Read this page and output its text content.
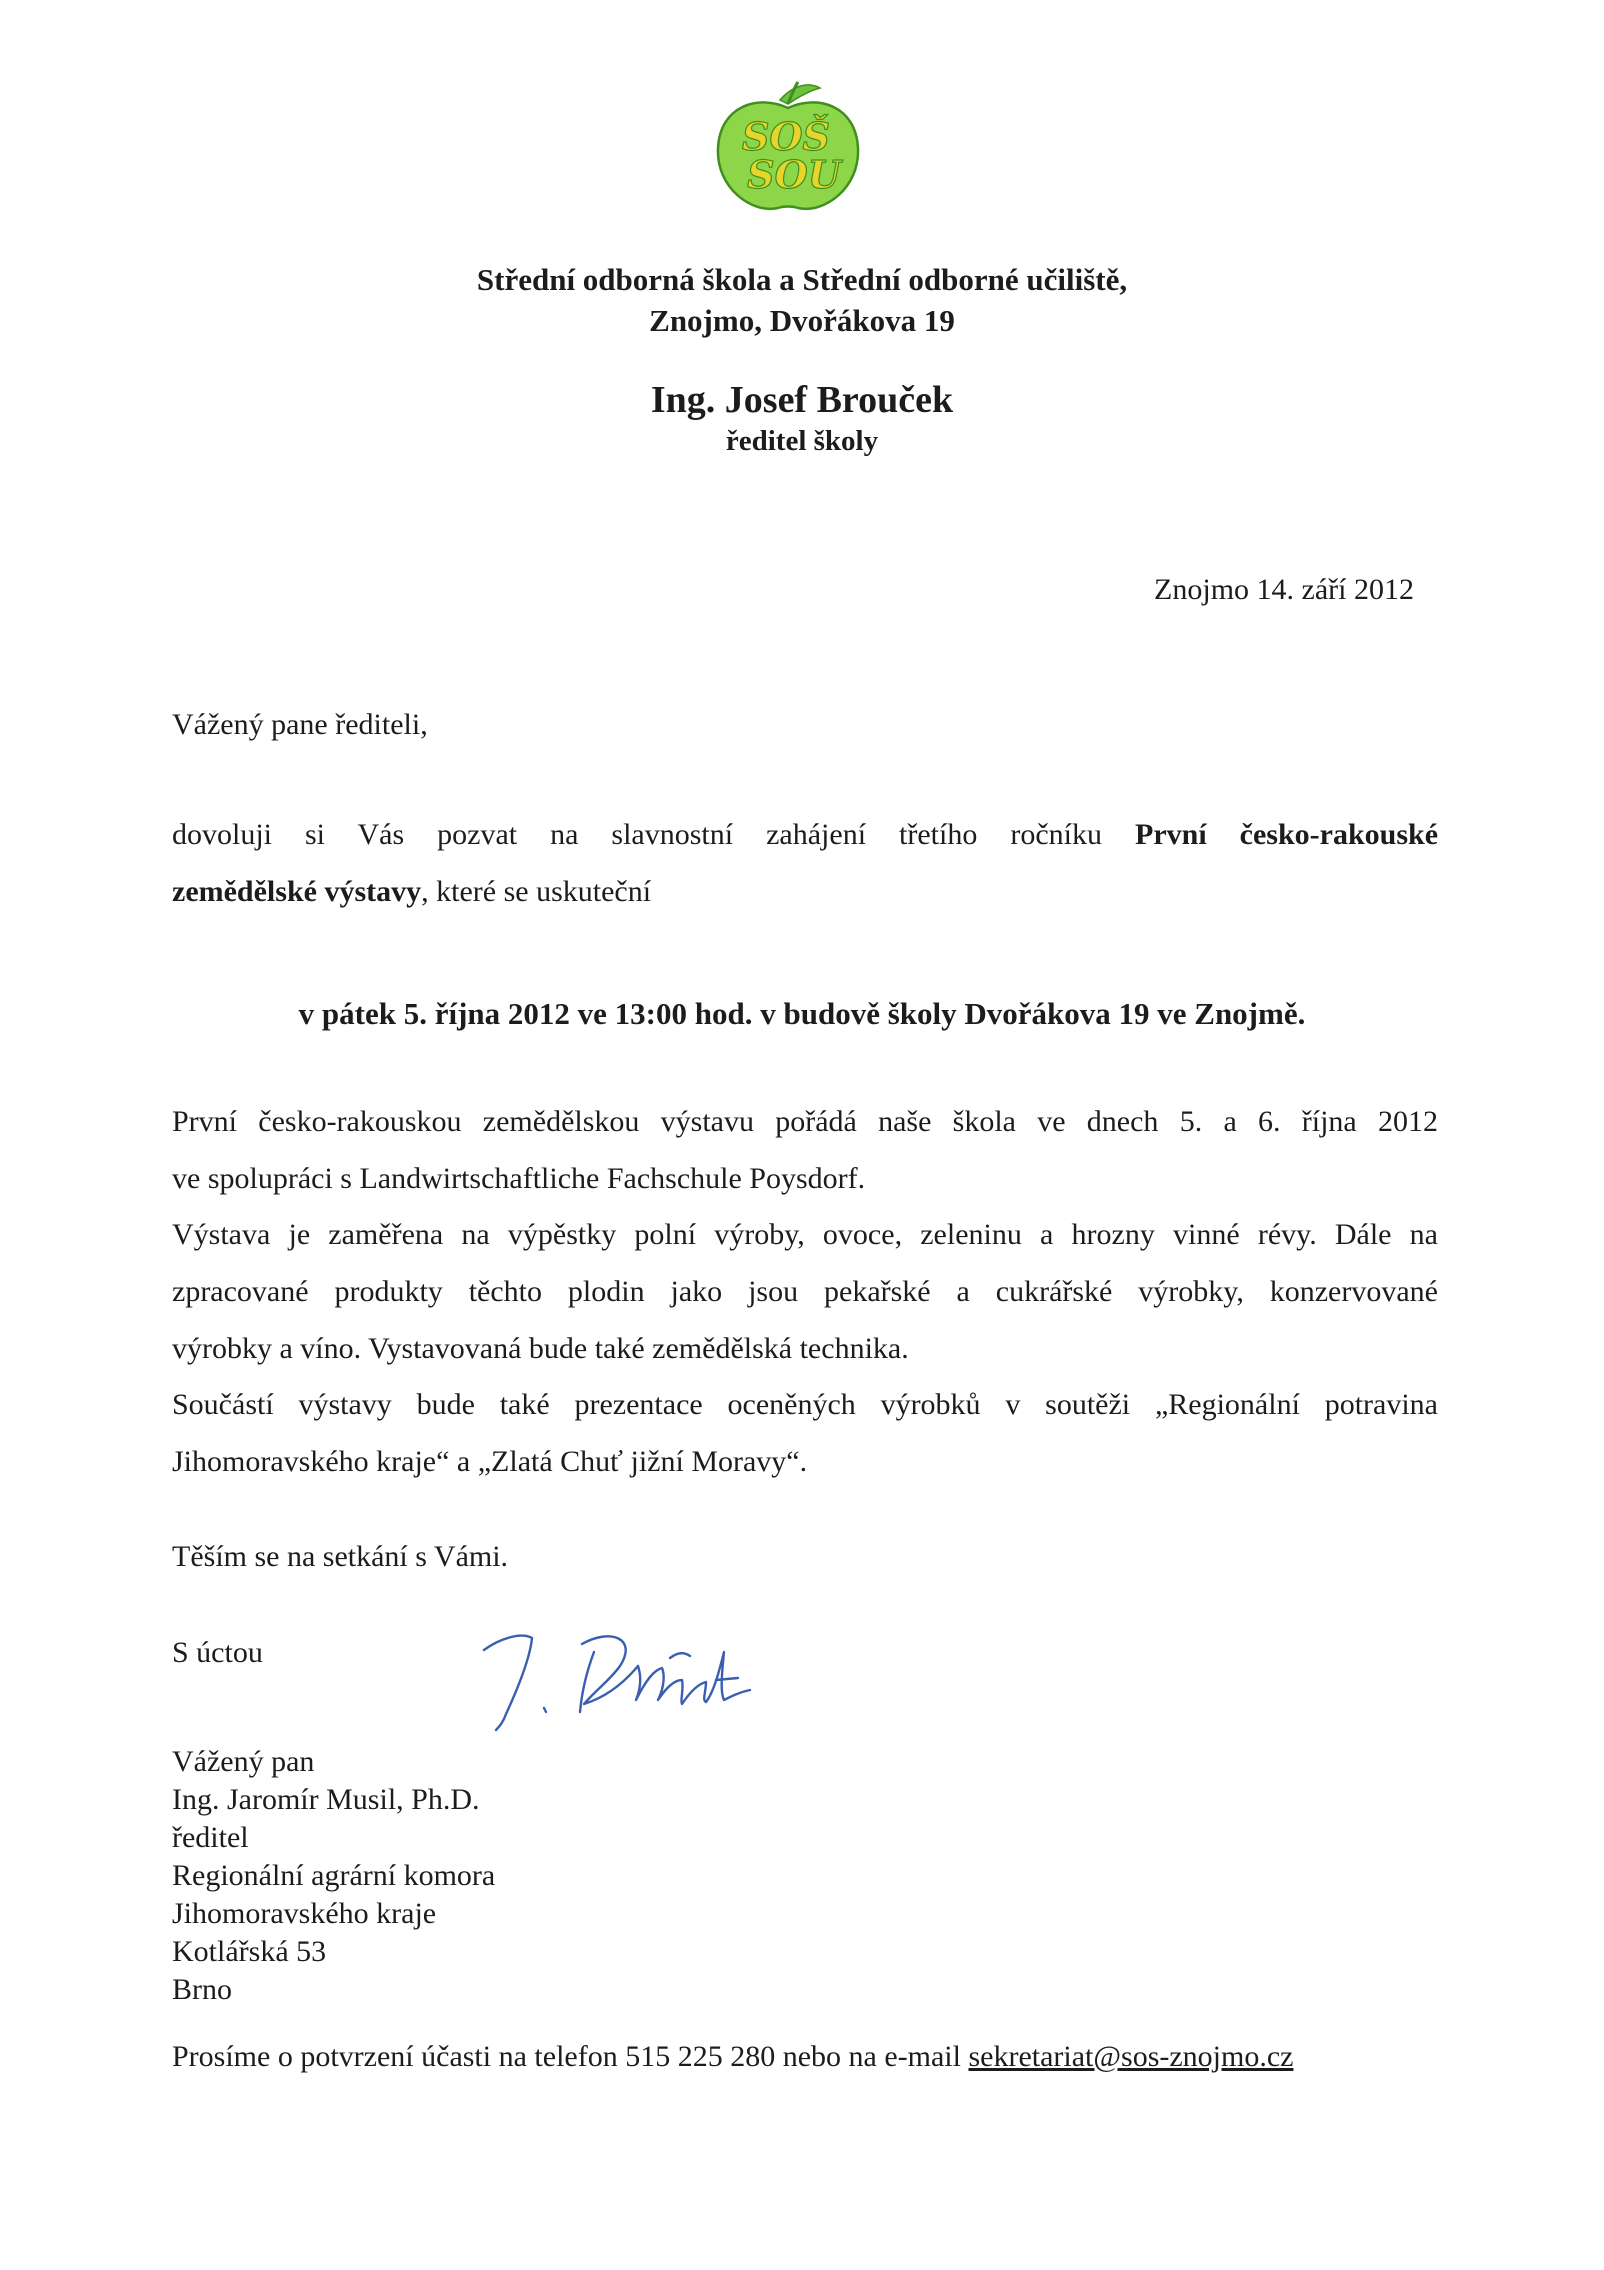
SOŠ
SOU
Střední odborná škola a Střední odborné učiliště,
Znojmo, Dvořákova 19
Ing. Josef Brouček
ředitel školy
Znojmo 14. září 2012
Vážený pane řediteli,
dovoluji si Vás pozvat na slavnostní zahájení třetího ročníku První česko-rakouské
zemědělské výstavy, které se uskuteční
v pátek 5. října 2012 ve 13:00 hod. v budově školy Dvořákova 19 ve Znojmě.
První česko-rakouskou zemědělskou výstavu pořádá naše škola ve dnech 5. a 6. října 2012
ve spolupráci s Landwirtschaftliche Fachschule Poysdorf.
Výstava je zaměřena na výpěstky polní výroby, ovoce, zeleninu a hrozny vinné révy. Dále na
zpracované produkty těchto plodin jako jsou pekařské a cukrářské výrobky, konzervované
výrobky a víno. Vystavovaná bude také zemědělská technika.
Součástí výstavy bude také prezentace oceněných výrobků v soutěži „Regionální potravina
Jihomoravského kraje“ a „Zlatá Chuť jižní Moravy“.
Těším se na setkání s Vámi.
S úctou
Vážený pan
Ing. Jaromír Musil, Ph.D.
ředitel
Regionální agrární komora
Jihomoravského kraje
Kotlářská 53
Brno
Prosíme o potvrzení účasti na telefon 515 225 280 nebo na e-mail sekretariat@sos-znojmo.cz
